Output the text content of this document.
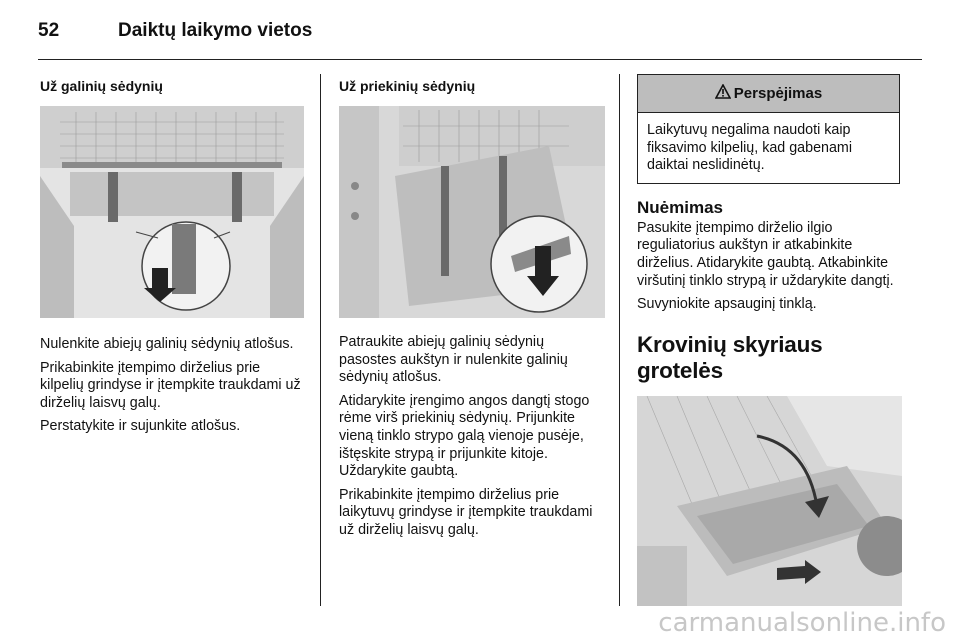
52	Daiktų laikymo vietos
Už galinių sėdynių

Nulenkite abiejų galinių sėdynių atlošus.

Prikabinkite įtempimo dirželius prie kilpelių grindyse ir įtempkite traukdami už dirželių laisvų galų.

Perstatykite ir sujunkite atlošus.

Už priekinių sėdynių

Patraukite abiejų galinių sėdynių pasostes aukštyn ir nulenkite galinių sėdynių atlošus.

Atidarykite įrengimo angos dangtį stogo rėme virš priekinių sėdynių. Prijunkite vieną tinklo strypo galą vienoje pusėje, ištęskite strypą ir prijunkite kitoje. Uždarykite gaubtą.

Prikabinkite įtempimo dirželius prie laikytuvų grindyse ir įtempkite traukdami už dirželių laisvų galų.

Perspėjimas
Laikytuvų negalima naudoti kaip fiksavimo kilpelių, kad gabenami daiktai neslidinėtų.
Nuėmimas

Pasukite įtempimo dirželio ilgio reguliatorius aukštyn ir atkabinkite dirželius. Atidarykite gaubtą. Atkabinkite viršutinį tinklo strypą ir uždarykite dangtį.

Suvyniokite apsauginį tinklą.

Krovinių skyriaus grotelės
carmanualsonline.info
